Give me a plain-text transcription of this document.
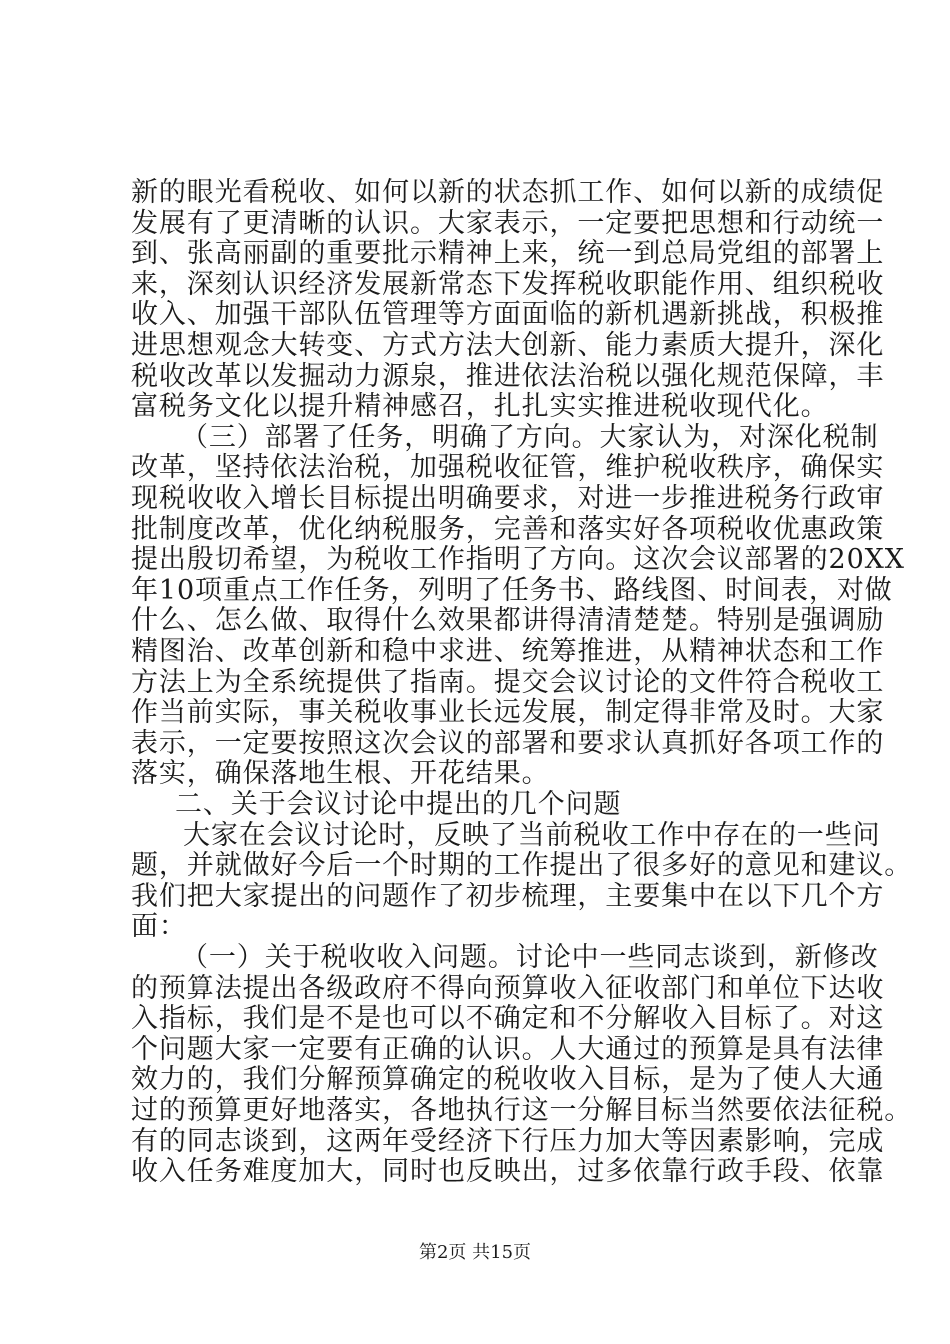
新的眼光看税收、如何以新的状态抓工作、如何以新的成绩促
发展有了更清晰的认识。大家表示，一定要把思想和行动统一
到、张高丽副的重要批示精神上来，统一到总局党组的部署上
来，深刻认识经济发展新常态下发挥税收职能作用、组织税收
收入、加强干部队伍管理等方面面临的新机遇新挑战，积极推
进思想观念大转变、方式方法大创新、能力素质大提升，深化
税收改革以发掘动力源泉，推进依法治税以强化规范保障，丰
富税务文化以提升精神感召，扎扎实实推进税收现代化。
（三）部署了任务，明确了方向。大家认为，对深化税制
改革，坚持依法治税，加强税收征管，维护税收秩序，确保实
现税收收入增长目标提出明确要求，对进一步推进税务行政审
批制度改革，优化纳税服务，完善和落实好各项税收优惠政策
提出殷切希望，为税收工作指明了方向。这次会议部署的20XX
年10项重点工作任务，列明了任务书、路线图、时间表，对做
什么、怎么做、取得什么效果都讲得清清楚楚。特别是强调励
精图治、改革创新和稳中求进、统筹推进，从精神状态和工作
方法上为全系统提供了指南。提交会议讨论的文件符合税收工
作当前实际，事关税收事业长远发展，制定得非常及时。大家
表示，一定要按照这次会议的部署和要求认真抓好各项工作的
落实，确保落地生根、开花结果。
二、关于会议讨论中提出的几个问题
大家在会议讨论时，反映了当前税收工作中存在的一些问
题，并就做好今后一个时期的工作提出了很多好的意见和建议。
我们把大家提出的问题作了初步梳理，主要集中在以下几个方
面：
（一）关于税收收入问题。讨论中一些同志谈到，新修改
的预算法提出各级政府不得向预算收入征收部门和单位下达收
入指标，我们是不是也可以不确定和不分解收入目标了。对这
个问题大家一定要有正确的认识。人大通过的预算是具有法律
效力的，我们分解预算确定的税收收入目标，是为了使人大通
过的预算更好地落实，各地执行这一分解目标当然要依法征税。
有的同志谈到，这两年受经济下行压力加大等因素影响，完成
收入任务难度加大，同时也反映出，过多依靠行政手段、依靠
第2页 共15页
